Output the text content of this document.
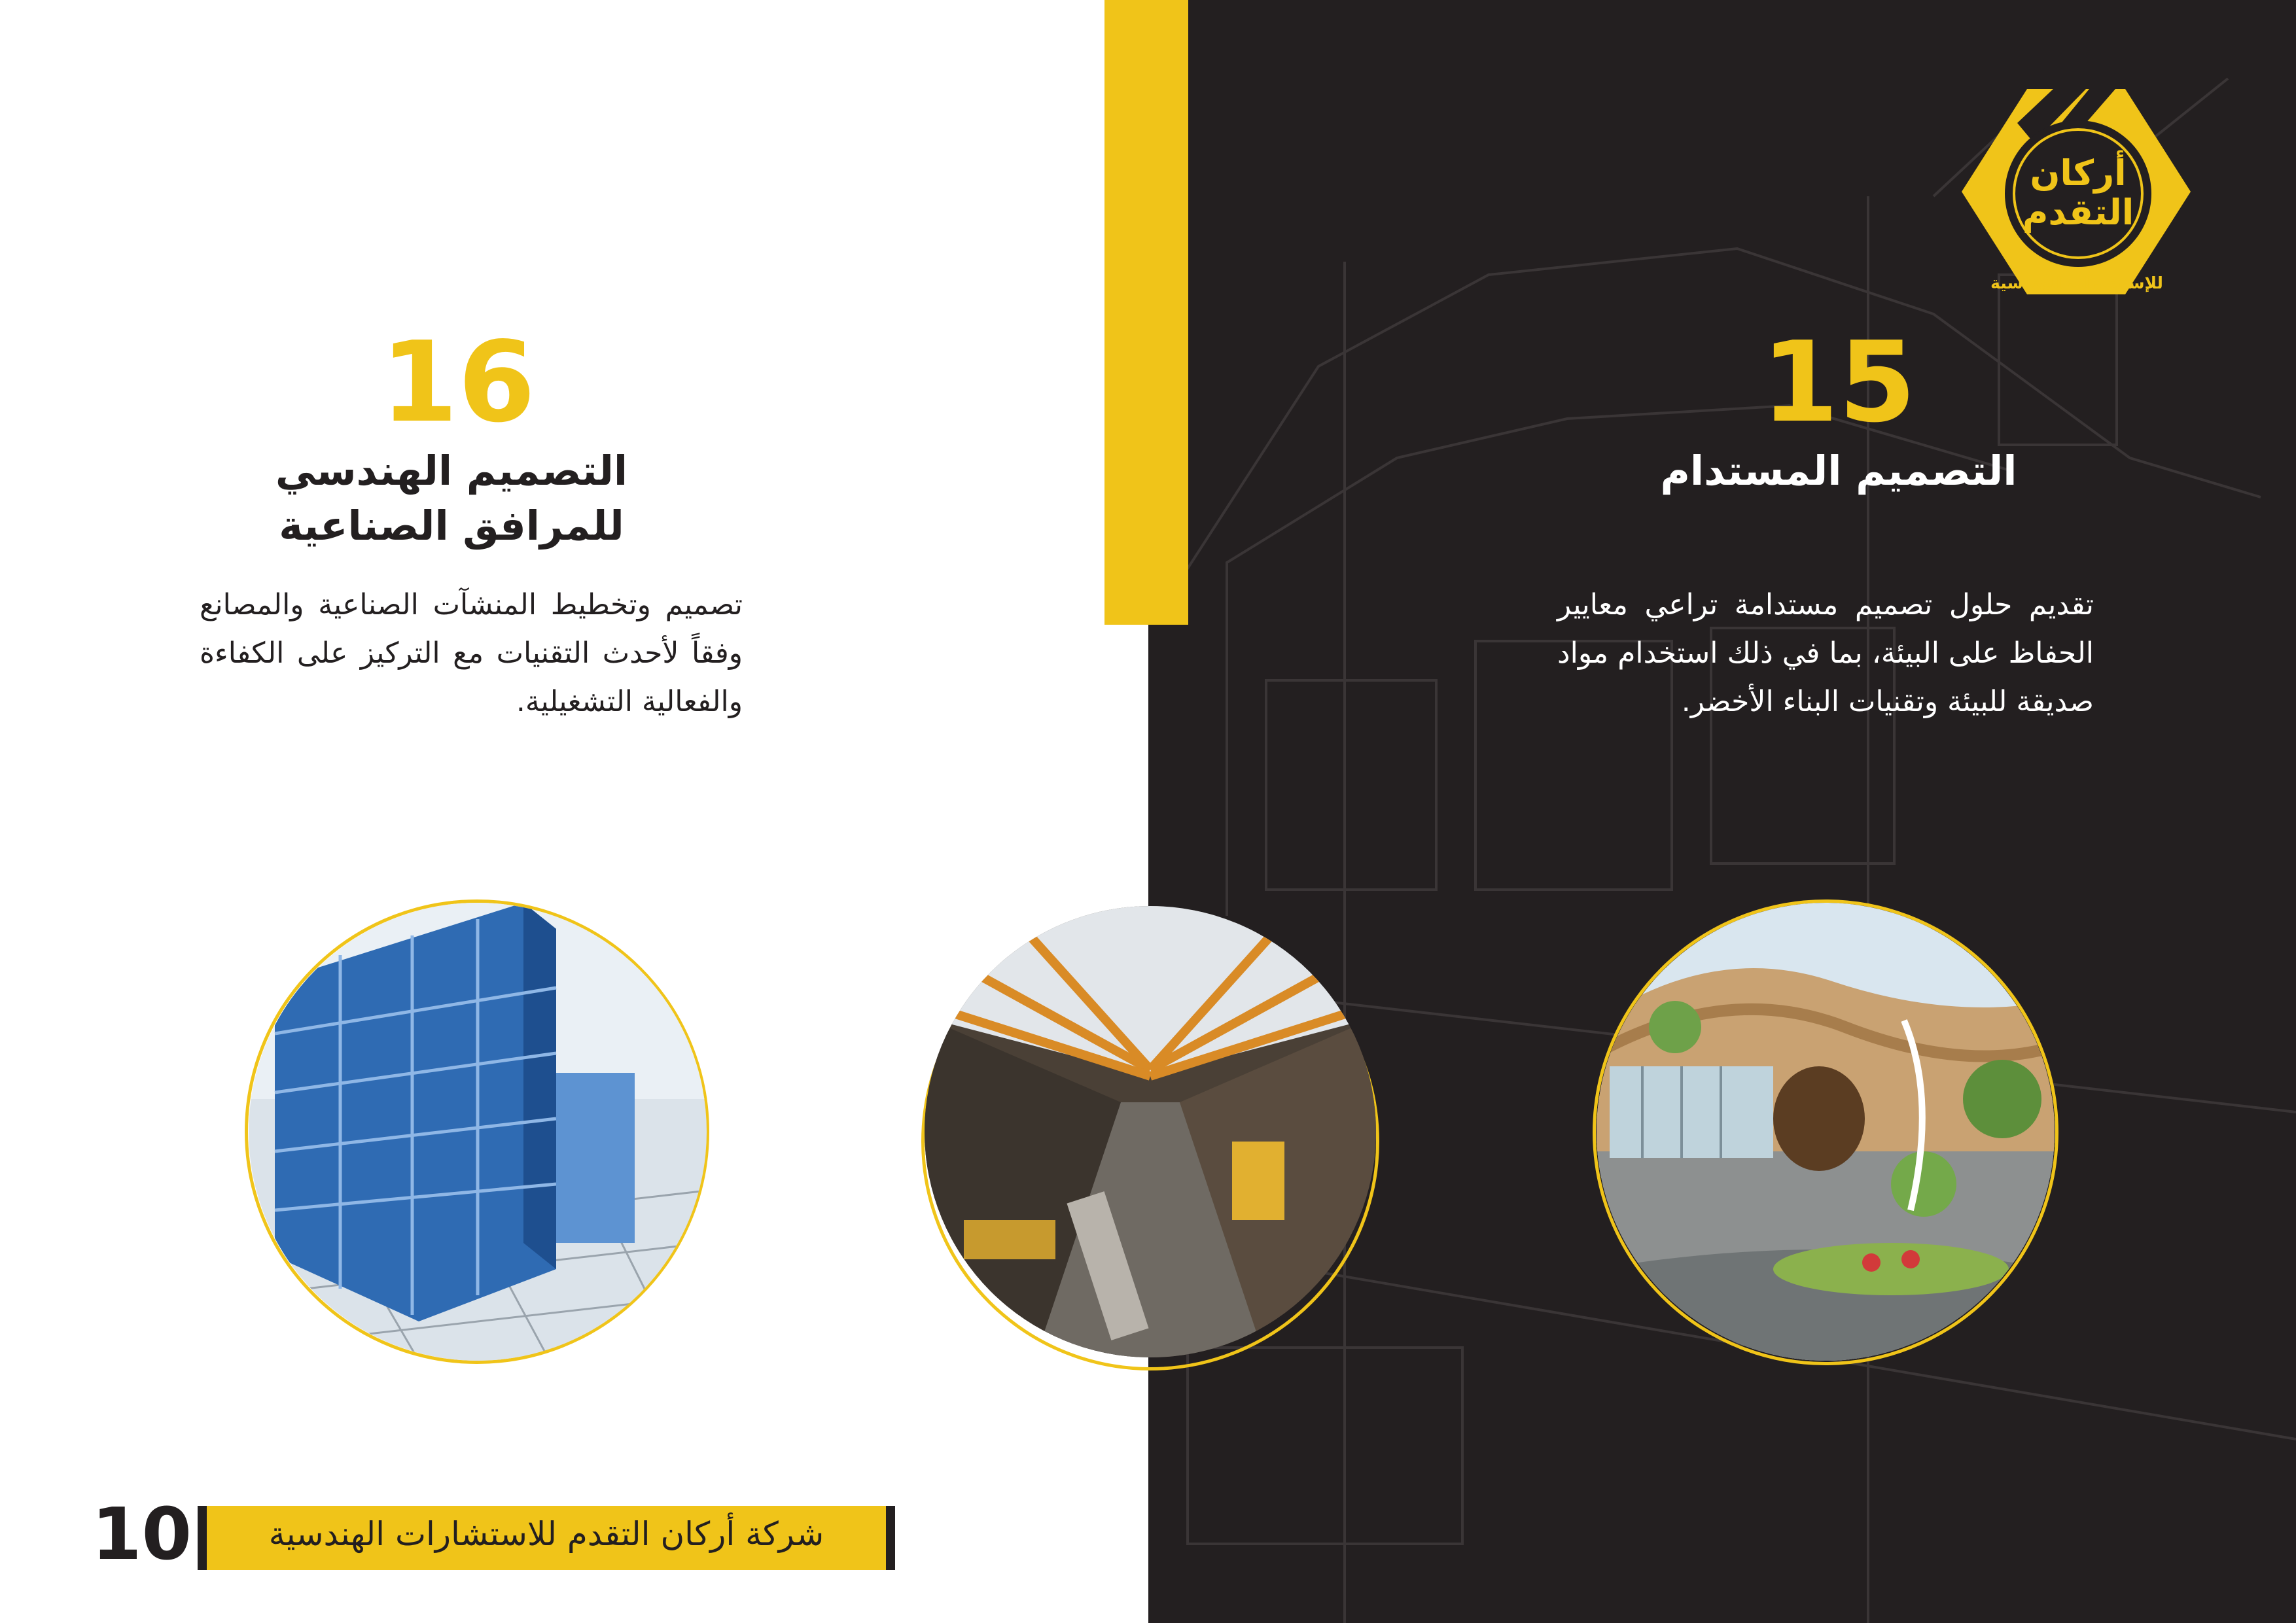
أركان
التقدم
للإستشارات الهندسية
15
التصميم المستدام
تقديم حلول تصميم مستدامة تراعي معايير الحفاظ على البيئة، بما في ذلك استخدام مواد صديقة للبيئة وتقنيات البناء الأخضر.
16
التصميم الهندسي
للمرافق الصناعية
تصميم وتخطيط المنشآت الصناعية والمصانع وفقاً لأحدث التقنيات مع التركيز على الكفاءة والفعالية التشغيلية.
10	شركة أركان التقدم للاستشارات الهندسية
